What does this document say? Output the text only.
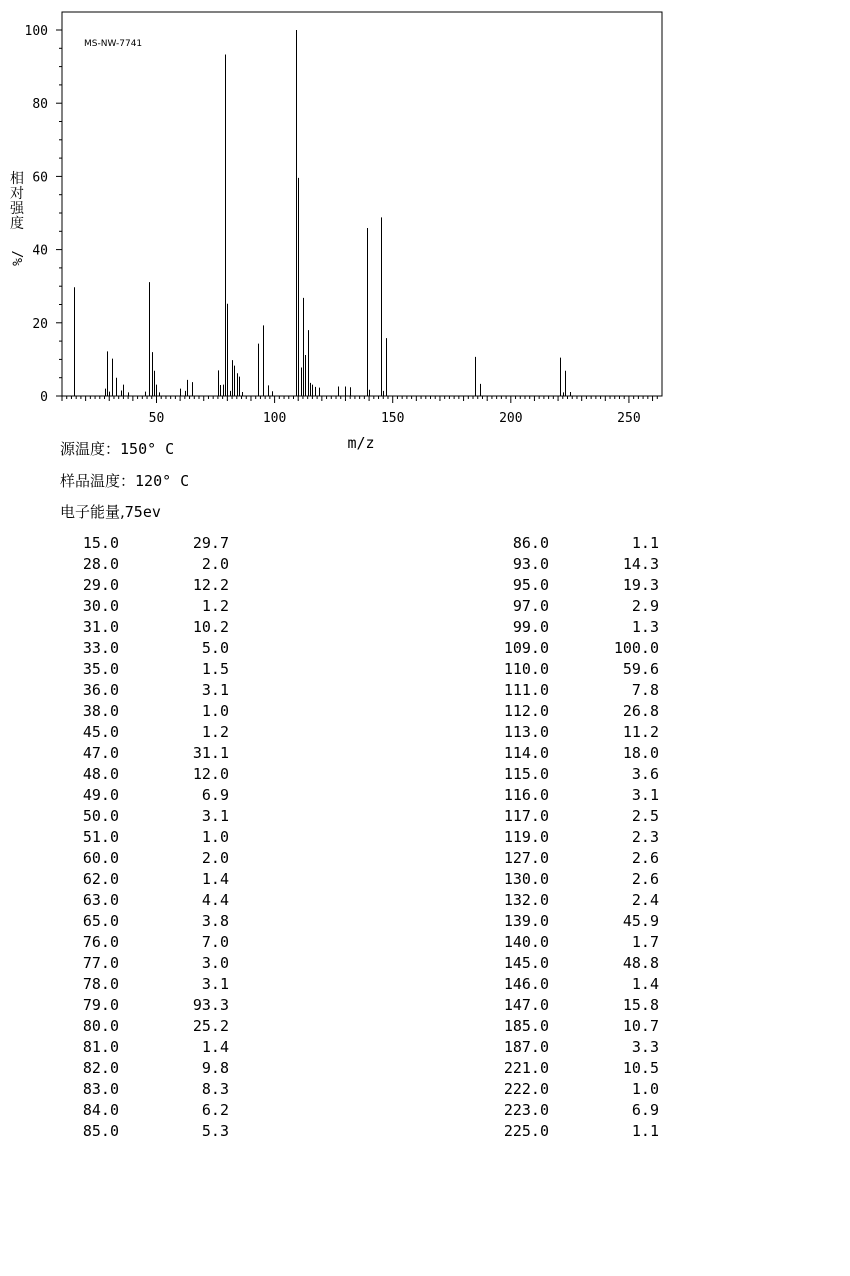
0
20
40
60
80
100
50	100	150	200	250
MS-NW-7741
m/z
相
对
强
度
%/
源温度：150° C
样品温度：120° C
电子能量,75ev
15.0	29.7
28.0	2.0
29.0	12.2
30.0	1.2
31.0	10.2
33.0	5.0
35.0	1.5
36.0	3.1
38.0	1.0
45.0	1.2
47.0	31.1
48.0	12.0
49.0	6.9
50.0	3.1
51.0	1.0
60.0	2.0
62.0	1.4
63.0	4.4
65.0	3.8
76.0	7.0
77.0	3.0
78.0	3.1
79.0	93.3
80.0	25.2
81.0	1.4
82.0	9.8
83.0	8.3
84.0	6.2
85.0	5.3
86.0	1.1
93.0	14.3
95.0	19.3
97.0	2.9
99.0	1.3
109.0	100.0
110.0	59.6
111.0	7.8
112.0	26.8
113.0	11.2
114.0	18.0
115.0	3.6
116.0	3.1
117.0	2.5
119.0	2.3
127.0	2.6
130.0	2.6
132.0	2.4
139.0	45.9
140.0	1.7
145.0	48.8
146.0	1.4
147.0	15.8
185.0	10.7
187.0	3.3
221.0	10.5
222.0	1.0
223.0	6.9
225.0	1.1
